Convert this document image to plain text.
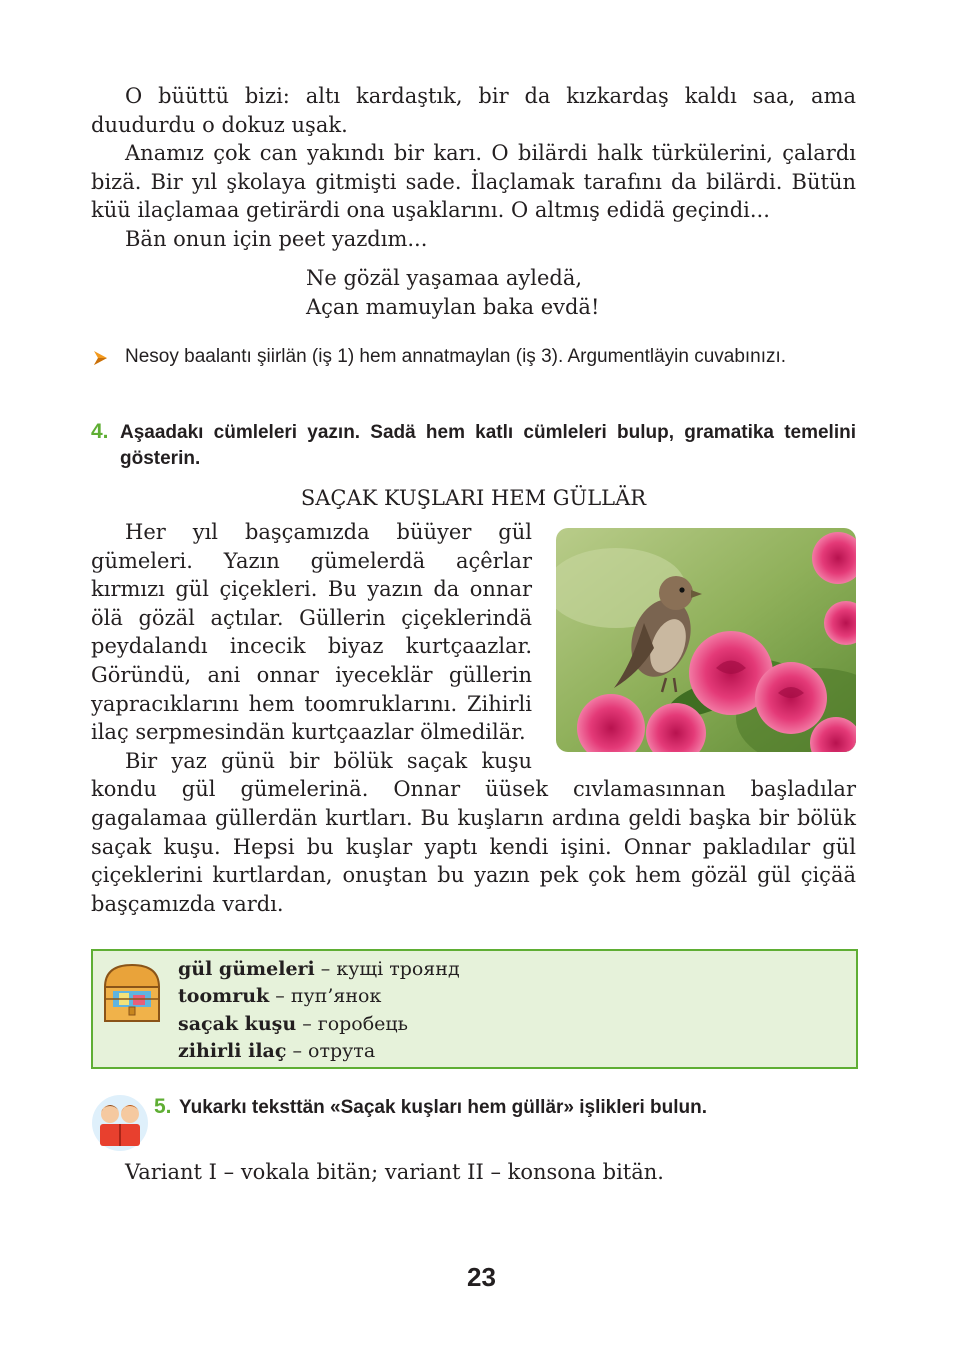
O büüttü bizi: altı kardaştık, bir da kızkardaş kaldı saa, ama duudurdu o dokuz uşak.

Anamız çok can yakındı bir karı. O bilärdi halk türkülerini, çalardı bizä. Bir yıl şkolaya gitmişti sade. İlaçlamak tarafını da bilärdi. Bütün küü ilaçlamaa getirärdi ona uşaklarını. O altmış edidä geçindi...

Bän onun için peet yazdım...

Ne gözäl yaşamaa ayledä,

Açan mamuylan baka evdä!

Nesoy baalantı şiirlän (iş 1) hem annatmaylan (iş 3). Argumentläyin cuvabınızı.

4. Aşaadakı cümleleri yazın. Sadä hem katlı cümleleri bulup, gramatika temelini gösterin.

SAÇAK KUŞLARI HEM GÜLLÄR

Her yıl başçamızda büüyer gül gümeleri. Yazın gümelerdä açêrlar kırmızı gül çiçekleri. Bu yazın da onnar ölä gözäl açtılar. Güllerin çiçeklerindä peydalandı incecik biyaz kurtçaazlar. Göründü, ani onnar iyeceklär güllerin yapracıklarını hem toomruklarını. Zihirli ilaç serpmesindän kurtçaazlar ölmedilär.

Bir yaz günü bir bölük saçak kuşu kondu gül gümelerinä. Onnar üüsek cıvlamasınnan başladılar gagalamaa güllerdän kurtları. Bu kuşların ardına geldi başka bir bölük saçak kuşu. Hepsi bu kuşlar yaptı kendi işini. Onnar pakladılar gül çiçeklerini kurtlardan, onuştan bu yazın pek çok hem gözäl gül çiçää başçamızda vardı.

gül gümeleri – кущі троянд
toomruk – пуп’янок
saçak kuşu – горобець
zihirli ilaç – отрута
5. Yukarkı teksttän «Saçak kuşları hem güllär» işlikleri bulun.
Variant I – vokala bitän; variant II – konsona bitän.
23
